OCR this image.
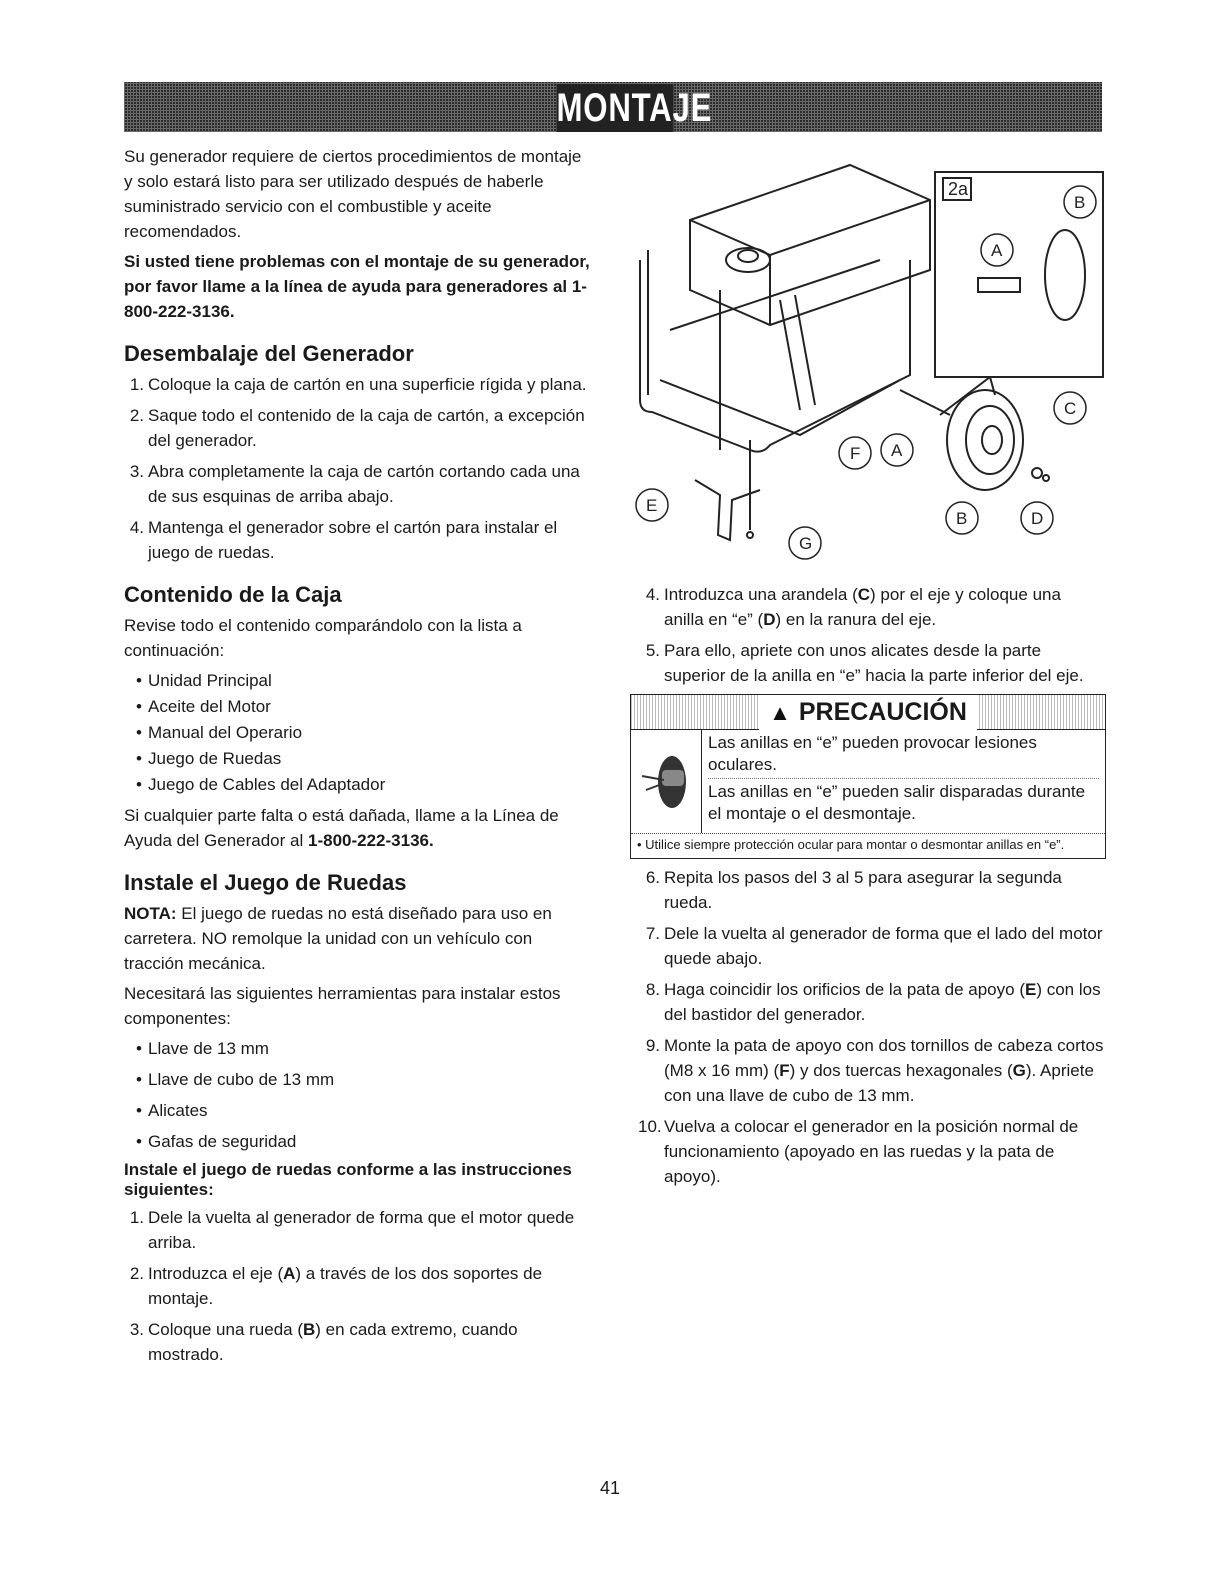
MONTAJE

Su generador requiere de ciertos procedimientos de montaje y solo estará listo para ser utilizado después de haberle suministrado servicio con el combustible y aceite recomendados.

Si usted tiene problemas con el montaje de su generador, por favor llame a la línea de ayuda para generadores al 1-800-222-3136.

Desembalaje del Generador
1. Coloque la caja de cartón en una superficie rígida y plana.
2. Saque todo el contenido de la caja de cartón, a excepción del generador.
3. Abra completamente la caja de cartón cortando cada una de sus esquinas de arriba abajo.
4. Mantenga el generador sobre el cartón para instalar el juego de ruedas.
Contenido de la Caja

Revise todo el contenido comparándolo con la lista a continuación:

• Unidad Principal
• Aceite del Motor
• Manual del Operario
• Juego de Ruedas
• Juego de Cables del Adaptador

Si cualquier parte falta o está dañada, llame a la Línea de Ayuda del Generador al 1-800-222-3136.

Instale el Juego de Ruedas

NOTA: El juego de ruedas no está diseñado para uso en carretera. NO remolque la unidad con un vehículo con tracción mecánica.

Necesitará las siguientes herramientas para instalar estos componentes:

• Llave de 13 mm
• Llave de cubo de 13 mm
• Alicates
• Gafas de seguridad

Instale el juego de ruedas conforme a las instrucciones siguientes:

1. Dele la vuelta al generador de forma que el motor quede arriba.
2. Introduzca el eje (A) a través de los dos soportes de montaje.
3. Coloque una rueda (B) en cada extremo, cuando mostrado.
2a
B
A
C
F A
E
B	D
G
4. Introduzca una arandela (C) por el eje y coloque una anilla en “e” (D) en la ranura del eje.
5. Para ello, apriete con unos alicates desde la parte superior de la anilla en “e” hacia la parte inferior del eje.
▲ PRECAUCIÓN
Las anillas en “e” pueden provocar lesiones oculares.
Las anillas en “e” pueden salir disparadas durante el montaje o el desmontaje.
• Utilice siempre protección ocular para montar o desmontar anillas en “e”.
6. Repita los pasos del 3 al 5 para asegurar la segunda rueda.
7. Dele la vuelta al generador de forma que el lado del motor quede abajo.
8. Haga coincidir los orificios de la pata de apoyo (E) con los del bastidor del generador.
9. Monte la pata de apoyo con dos tornillos de cabeza cortos (M8 x 16 mm) (F) y dos tuercas hexagonales (G). Apriete con una llave de cubo de 13 mm.
10. Vuelva a colocar el generador en la posición normal de funcionamiento (apoyado en las ruedas y la pata de apoyo).
41
